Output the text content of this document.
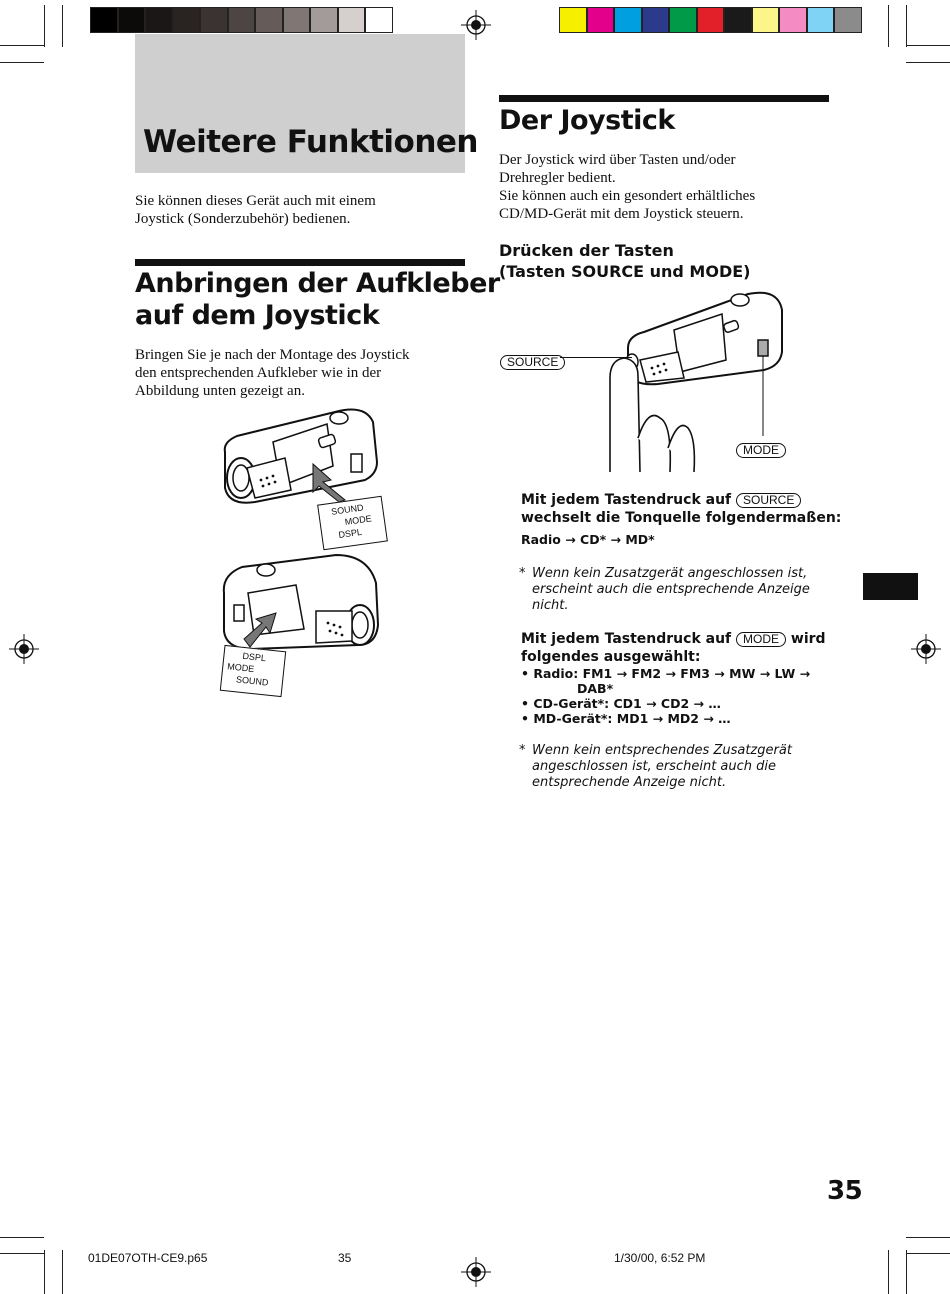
Weitere Funktionen
Sie können dieses Gerät auch mit einem
Joystick (Sonderzubehör) bedienen.
Anbringen der Aufkleber
auf dem Joystick
Bringen Sie je nach der Montage des Joystick
den entsprechenden Aufkleber wie in der
Abbildung unten gezeigt an.
SOUND
MODE
DSPL
DSPL
MODE
SOUND
Der Joystick
Der Joystick wird über Tasten und/oder
Drehregler bedient.
Sie können auch ein gesondert erhältliches
CD/MD-Gerät mit dem Joystick steuern.
Drücken der Tasten
(Tasten SOURCE und MODE)
SOURCE
MODE
Mit jedem Tastendruck auf SOURCE
wechselt die Tonquelle folgendermaßen:
Radio → CD* → MD*
* Wenn kein Zusatzgerät angeschlossen ist,
erscheint auch die entsprechende Anzeige
nicht.
Mit jedem Tastendruck auf MODE wird
folgendes ausgewählt:
• Radio: FM1 → FM2 → FM3 → MW → LW →
DAB*
• CD-Gerät*: CD1 → CD2 → …
• MD-Gerät*: MD1 → MD2 → …
* Wenn kein entsprechendes Zusatzgerät
angeschlossen ist, erscheint auch die
entsprechende Anzeige nicht.
35
01DE07OTH-CE9.p65	35	1/30/00, 6:52 PM
